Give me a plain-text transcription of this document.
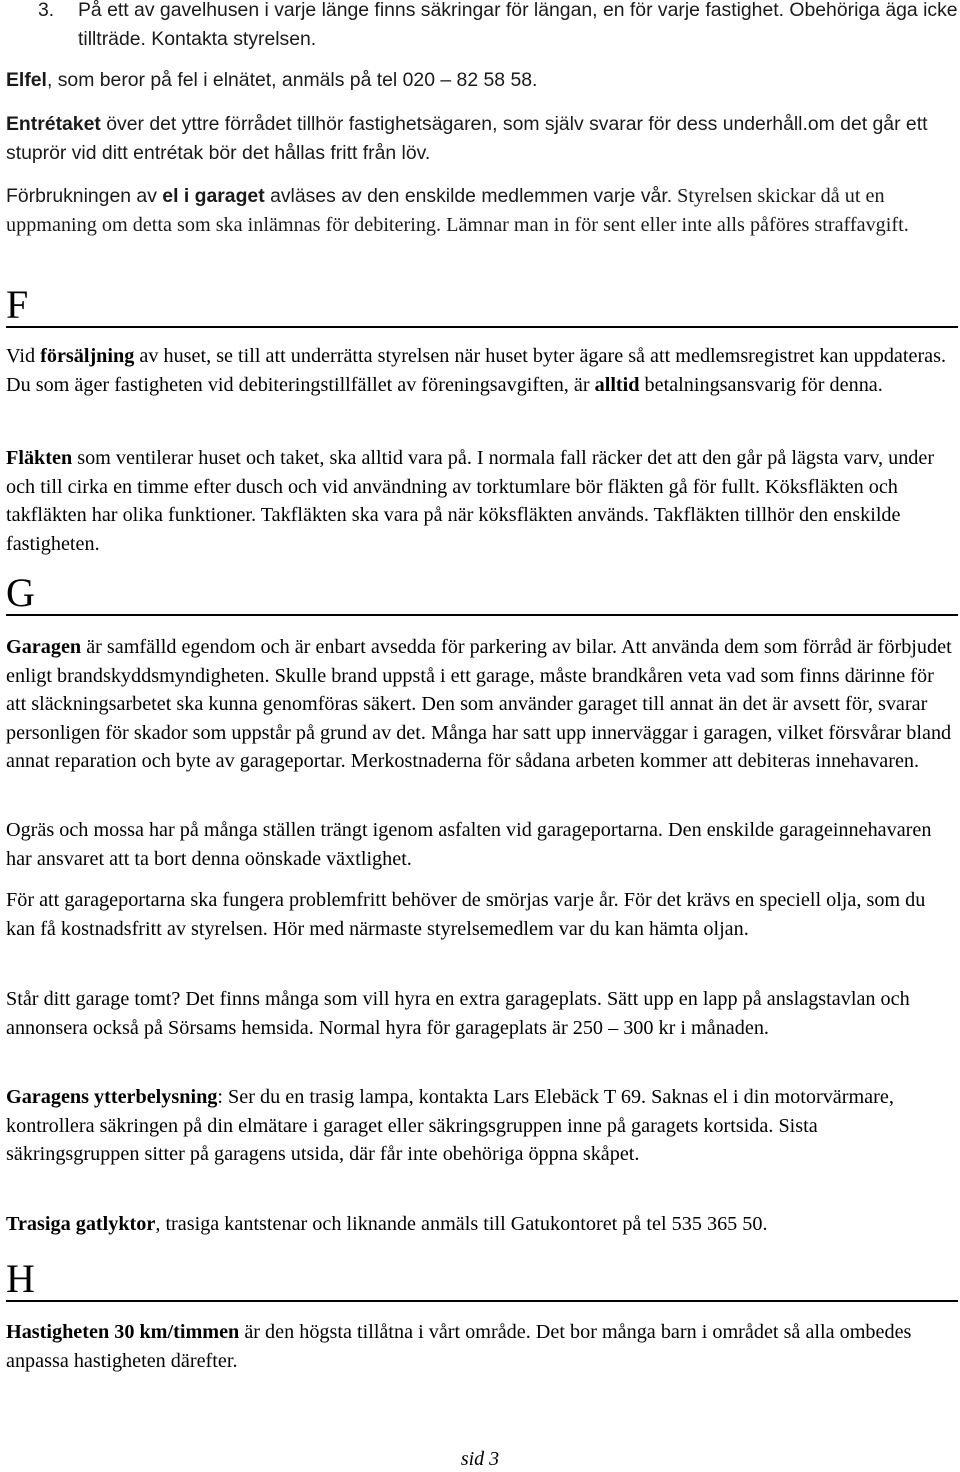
3. På ett av gavelhusen i varje länge finns säkringar för längan, en för varje fastighet. Obehöriga äga icke tillträde. Kontakta styrelsen.

Elfel, som beror på fel i elnätet, anmäls på tel 020 – 82 58 58.

Entrétaket över det yttre förrådet tillhör fastighetsägaren, som själv svarar för dess underhåll.om det går ett stuprör vid ditt entrétak bör det hållas fritt från löv.

Förbrukningen av el i garaget avläses av den enskilde medlemmen varje vår. Styrelsen skickar då ut en uppmaning om detta som ska inlämnas för debitering. Lämnar man in för sent eller inte alls påföres straffavgift.

F

Vid försäljning av huset, se till att underrätta styrelsen när huset byter ägare så att medlemsregistret kan uppdateras. Du som äger fastigheten vid debiteringstillfället av föreningsavgiften, är alltid betalningsansvarig för denna.

Fläkten som ventilerar huset och taket, ska alltid vara på. I normala fall räcker det att den går på lägsta varv, under och till cirka en timme efter dusch och vid användning av torktumlare bör fläkten gå för fullt. Köksfläkten och takfläkten har olika funktioner. Takfläkten ska vara på när köksfläkten används. Takfläkten tillhör den enskilde fastigheten.

G

Garagen är samfälld egendom och är enbart avsedda för parkering av bilar. Att använda dem som förråd är förbjudet enligt brandskyddsmyndigheten. Skulle brand uppstå i ett garage, måste brandkåren veta vad som finns därinne för att släckningsarbetet ska kunna genomföras säkert. Den som använder garaget till annat än det är avsett för, svarar personligen för skador som uppstår på grund av det. Många har satt upp innerväggar i garagen, vilket försvårar bland annat reparation och byte av garageportar. Merkostnaderna för sådana arbeten kommer att debiteras innehavaren.

Ogräs och mossa har på många ställen trängt igenom asfalten vid garageportarna. Den enskilde garageinnehavaren har ansvaret att ta bort denna oönskade växtlighet.

För att garageportarna ska fungera problemfritt behöver de smörjas varje år. För det krävs en speciell olja, som du kan få kostnadsfritt av styrelsen. Hör med närmaste styrelsemedlem var du kan hämta oljan.

Står ditt garage tomt? Det finns många som vill hyra en extra garageplats. Sätt upp en lapp på anslagstavlan och annonsera också på Sörsams hemsida. Normal hyra för garageplats är 250 – 300 kr i månaden.

Garagens ytterbelysning: Ser du en trasig lampa, kontakta Lars Elebäck T 69. Saknas el i din motorvärmare, kontrollera säkringen på din elmätare i garaget eller säkringsgruppen inne på garagets kortsida. Sista säkringsgruppen sitter på garagens utsida, där får inte obehöriga öppna skåpet.

Trasiga gatlyktor, trasiga kantstenar och liknande anmäls till Gatukontoret på tel 535 365 50.

H

Hastigheten 30 km/timmen är den högsta tillåtna i vårt område. Det bor många barn i området så alla ombedes anpassa hastigheten därefter.

sid 3
